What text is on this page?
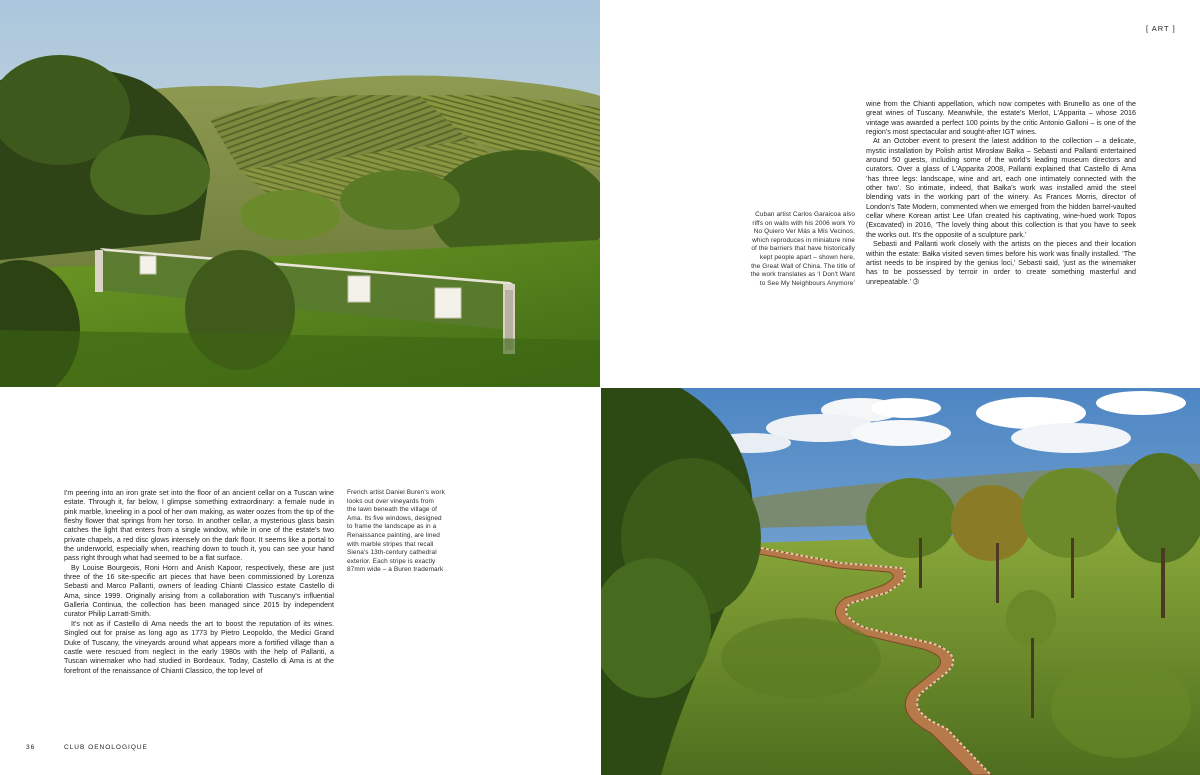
[ ART ]
Cuban artist Carlos Garaicoa also
riffs on walls with his 2006 work Yo
No Quiero Ver Más a Mis Vecinos,
which reproduces in miniature nine
of the barriers that have historically
kept people apart – shown here,
the Great Wall of China. The title of
the work translates as ‘I Don't Want
to See My Neighbours Anymore’

wine from the Chianti appellation, which now competes with Brunello as one of the great wines of Tuscany. Meanwhile, the estate's Merlot, L'Apparita – whose 2016 vintage was awarded a perfect 100 points by the critic Antonio Galloni – is one of the region's most spectacular and sought-after IGT wines.

At an October event to present the latest addition to the collection – a delicate, mystic installation by Polish artist Mirosław Bałka – Sebasti and Pallanti entertained around 50 guests, including some of the world's leading museum directors and curators. Over a glass of L'Apparita 2008, Pallanti explained that Castello di Ama ‘has three legs: landscape, wine and art, each one intimately connected with the other two’. So intimate, indeed, that Bałka's work was installed amid the steel blending vats in the working part of the winery. As Frances Morris, director of London's Tate Modern, commented when we emerged from the hidden barrel-vaulted cellar where Korean artist Lee Ufan created his captivating, wine-hued work Topos (Excavated) in 2016, ‘The lovely thing about this collection is that you have to seek the works out. It's the opposite of a sculpture park.’

Sebasti and Pallanti work closely with the artists on the pieces and their location within the estate: Bałka visited seven times before his work was finally installed. ‘The artist needs to be inspired by the genius loci,’ Sebasti said, ‘just as the winemaker has to be possessed by terroir in order to create something masterful and unrepeatable.’ ➂

I'm peering into an iron grate set into the floor of an ancient cellar on a Tuscan wine estate. Through it, far below, I glimpse something extraordinary: a female nude in pink marble, kneeling in a pool of her own making, as water oozes from the tip of the fleshy flower that springs from her torso. In another cellar, a mysterious glass basin catches the light that enters from a single window, while in one of the estate's two private chapels, a red disc glows intensely on the dark floor. It seems like a portal to the underworld, especially when, reaching down to touch it, you can see your hand pass right through what had seemed to be a flat surface.

By Louise Bourgeois, Roni Horn and Anish Kapoor, respectively, these are just three of the 16 site-specific art pieces that have been commissioned by Lorenza Sebasti and Marco Pallanti, owners of leading Chianti Classico estate Castello di Ama, since 1999. Originally arising from a collaboration with Tuscany's influential Galleria Continua, the collection has been managed since 2015 by independent curator Philip Larratt-Smith.

It's not as if Castello di Ama needs the art to boost the reputation of its wines. Singled out for praise as long ago as 1773 by Pietro Leopoldo, the Medici Grand Duke of Tuscany, the vineyards around what appears more a fortified village than a castle were rescued from neglect in the early 1980s with the help of Pallanti, a Tuscan winemaker who had studied in Bordeaux. Today, Castello di Ama is at the forefront of the renaissance of Chianti Classico, the top level of

French artist Daniel Buren's work
looks out over vineyards from
the lawn beneath the village of
Ama. Its five windows, designed
to frame the landscape as in a
Renaissance painting, are lined
with marble stripes that recall
Siena's 13th-century cathedral
exterior. Each stripe is exactly
87mm wide – a Buren trademark
36	CLUB OENOLOGIQUE
